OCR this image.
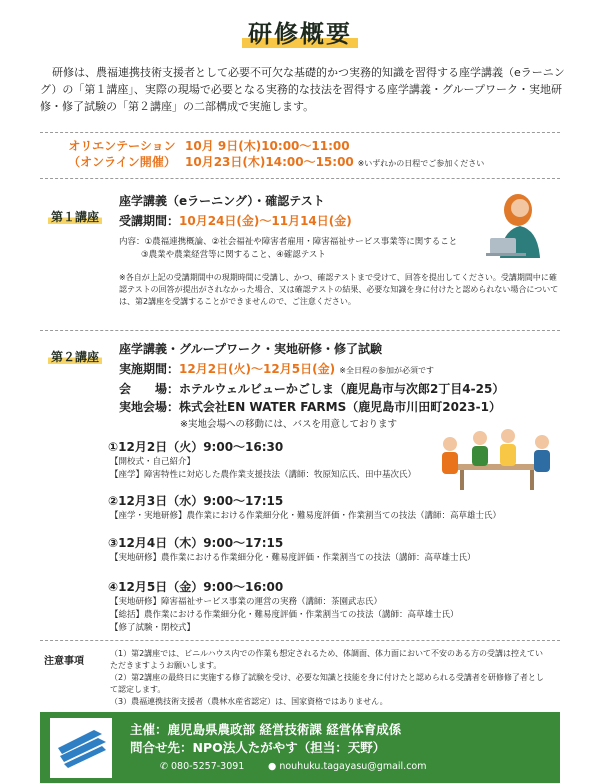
研修概要
研修は、農福連携技術支援者として必要不可欠な基礎的かつ実務的知識を習得する座学講義（eラーニング）の「第１講座」、実際の現場で必要となる実務的な技法を習得する座学講義・グループワーク・実地研修・修了試験の「第２講座」の二部構成で実施します。
オリエンテーション
（オンライン開催）
10月 9日(木)10:00～11:00
10月23日(木)14:00～15:00 ※いずれかの日程でご参加ください
第１講座
座学講義（eラーニング）・確認テスト
受講期間：10月24日(金)～11月14日(金)
内容：①農福連携概論、②社会福祉や障害者雇用・障害福祉サービス事業等に関すること
③農業や農業経営等に関すること、④確認テスト
※各自が上記の受講期間中の現期時間に受講し、かつ、確認テストまで受けて、回答を提出してください。受講期間中に確認テストの回答が提出がされなかった場合、又は確認テストの結果、必要な知識を身に付けたと認められない場合については、第2講座を受講することができませんので、ご注意ください。
第２講座
座学講義・グループワーク・実地研修・修了試験
実施期間：12月2日(火)～12月5日(金) ※全日程の参加が必須です
会　　場：ホテルウェルビューかごしま（鹿児島市与次郎2丁目4-25）
実地会場：株式会社EN WATER FARMS（鹿児島市川田町2023-1）
※実地会場への移動には、バスを用意しております
①12月2日（火）9:00～16:30
【開校式・自己紹介】
【座学】障害特性に対応した農作業支援技法（講師：牧原知広氏、田中基次氏）
②12月3日（水）9:00～17:15
【座学・実地研修】農作業における作業細分化・難易度評価・作業割当ての技法（講師：高草雄士氏）
③12月4日（木）9:00～17:15
【実地研修】農作業における作業細分化・難易度評価・作業割当ての技法（講師：高草雄士氏）
④12月5日（金）9:00～16:00
【実地研修】障害福祉サービス事業の運営の実務（講師：茶園武志氏）
【総括】農作業における作業細分化・難易度評価・作業割当ての技法（講師：高草雄士氏）
【修了試験・閉校式】
注意事項
（1）第2講座では、ビニルハウス内での作業も想定されるため、体調面、体力面において不安のある方の受講は控えていただきますようお願いします。
（2）第2講座の最終日に実施する修了試験を受け、必要な知識と技能を身に付けたと認められる受講者を研修修了者として認定します。
（3）農福連携技術支援者（農林水産省認定）は、国家資格ではありません。
主催：鹿児島県農政部 経営技術課 経営体育成係
問合せ先：NPO法人たがやす（担当：天野）
✆ 080-5257-3091 ● nouhuku.tagayasu@gmail.com
